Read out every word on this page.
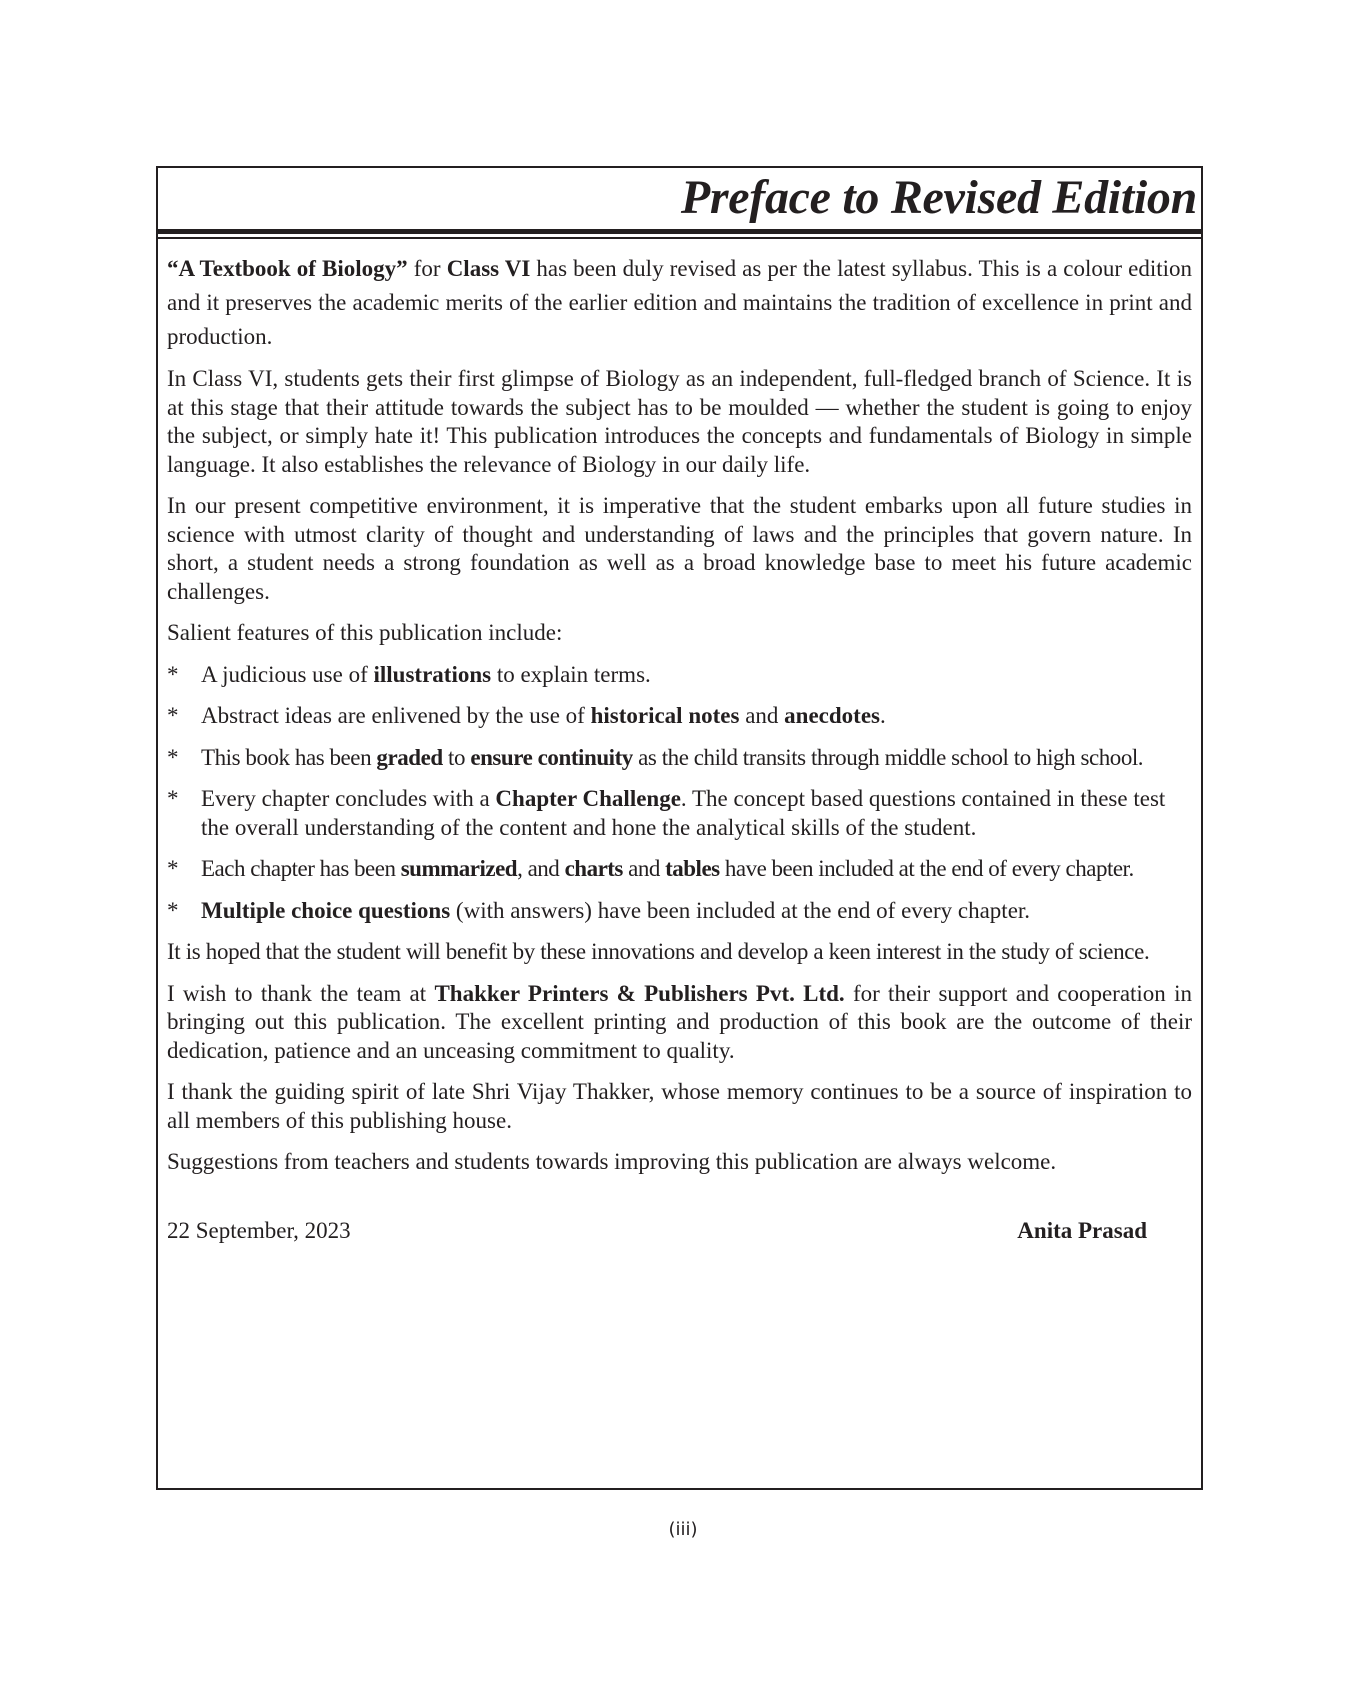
Preface to Revised Edition

“A Textbook of Biology” for Class VI has been duly revised as per the latest syllabus. This is a colour edition and it preserves the academic merits of the earlier edition and maintains the tradition of excellence in print and production.

In Class VI, students gets their first glimpse of Biology as an independent, full-fledged branch of Science. It is at this stage that their attitude towards the subject has to be moulded — whether the student is going to enjoy the subject, or simply hate it! This publication introduces the concepts and fundamentals of Biology in simple language. It also establishes the relevance of Biology in our daily life.

In our present competitive environment, it is imperative that the student embarks upon all future studies in science with utmost clarity of thought and understanding of laws and the principles that govern nature. In short, a student needs a strong foundation as well as a broad knowledge base to meet his future academic challenges.

Salient features of this publication include:

* A judicious use of illustrations to explain terms.
* Abstract ideas are enlivened by the use of historical notes and anecdotes.
* This book has been graded to ensure continuity as the child transits through middle school to high school.
* Every chapter concludes with a Chapter Challenge. The concept based questions contained in these test the overall understanding of the content and hone the analytical skills of the student.
* Each chapter has been summarized, and charts and tables have been included at the end of every chapter.
* Multiple choice questions (with answers) have been included at the end of every chapter.

It is hoped that the student will benefit by these innovations and develop a keen interest in the study of science.

I wish to thank the team at Thakker Printers & Publishers Pvt. Ltd. for their support and cooperation in bringing out this publication. The excellent printing and production of this book are the outcome of their dedication, patience and an unceasing commitment to quality.

I thank the guiding spirit of late Shri Vijay Thakker, whose memory continues to be a source of inspiration to all members of this publishing house.

Suggestions from teachers and students towards improving this publication are always welcome.

22 September, 2023	Anita Prasad
(iii)
